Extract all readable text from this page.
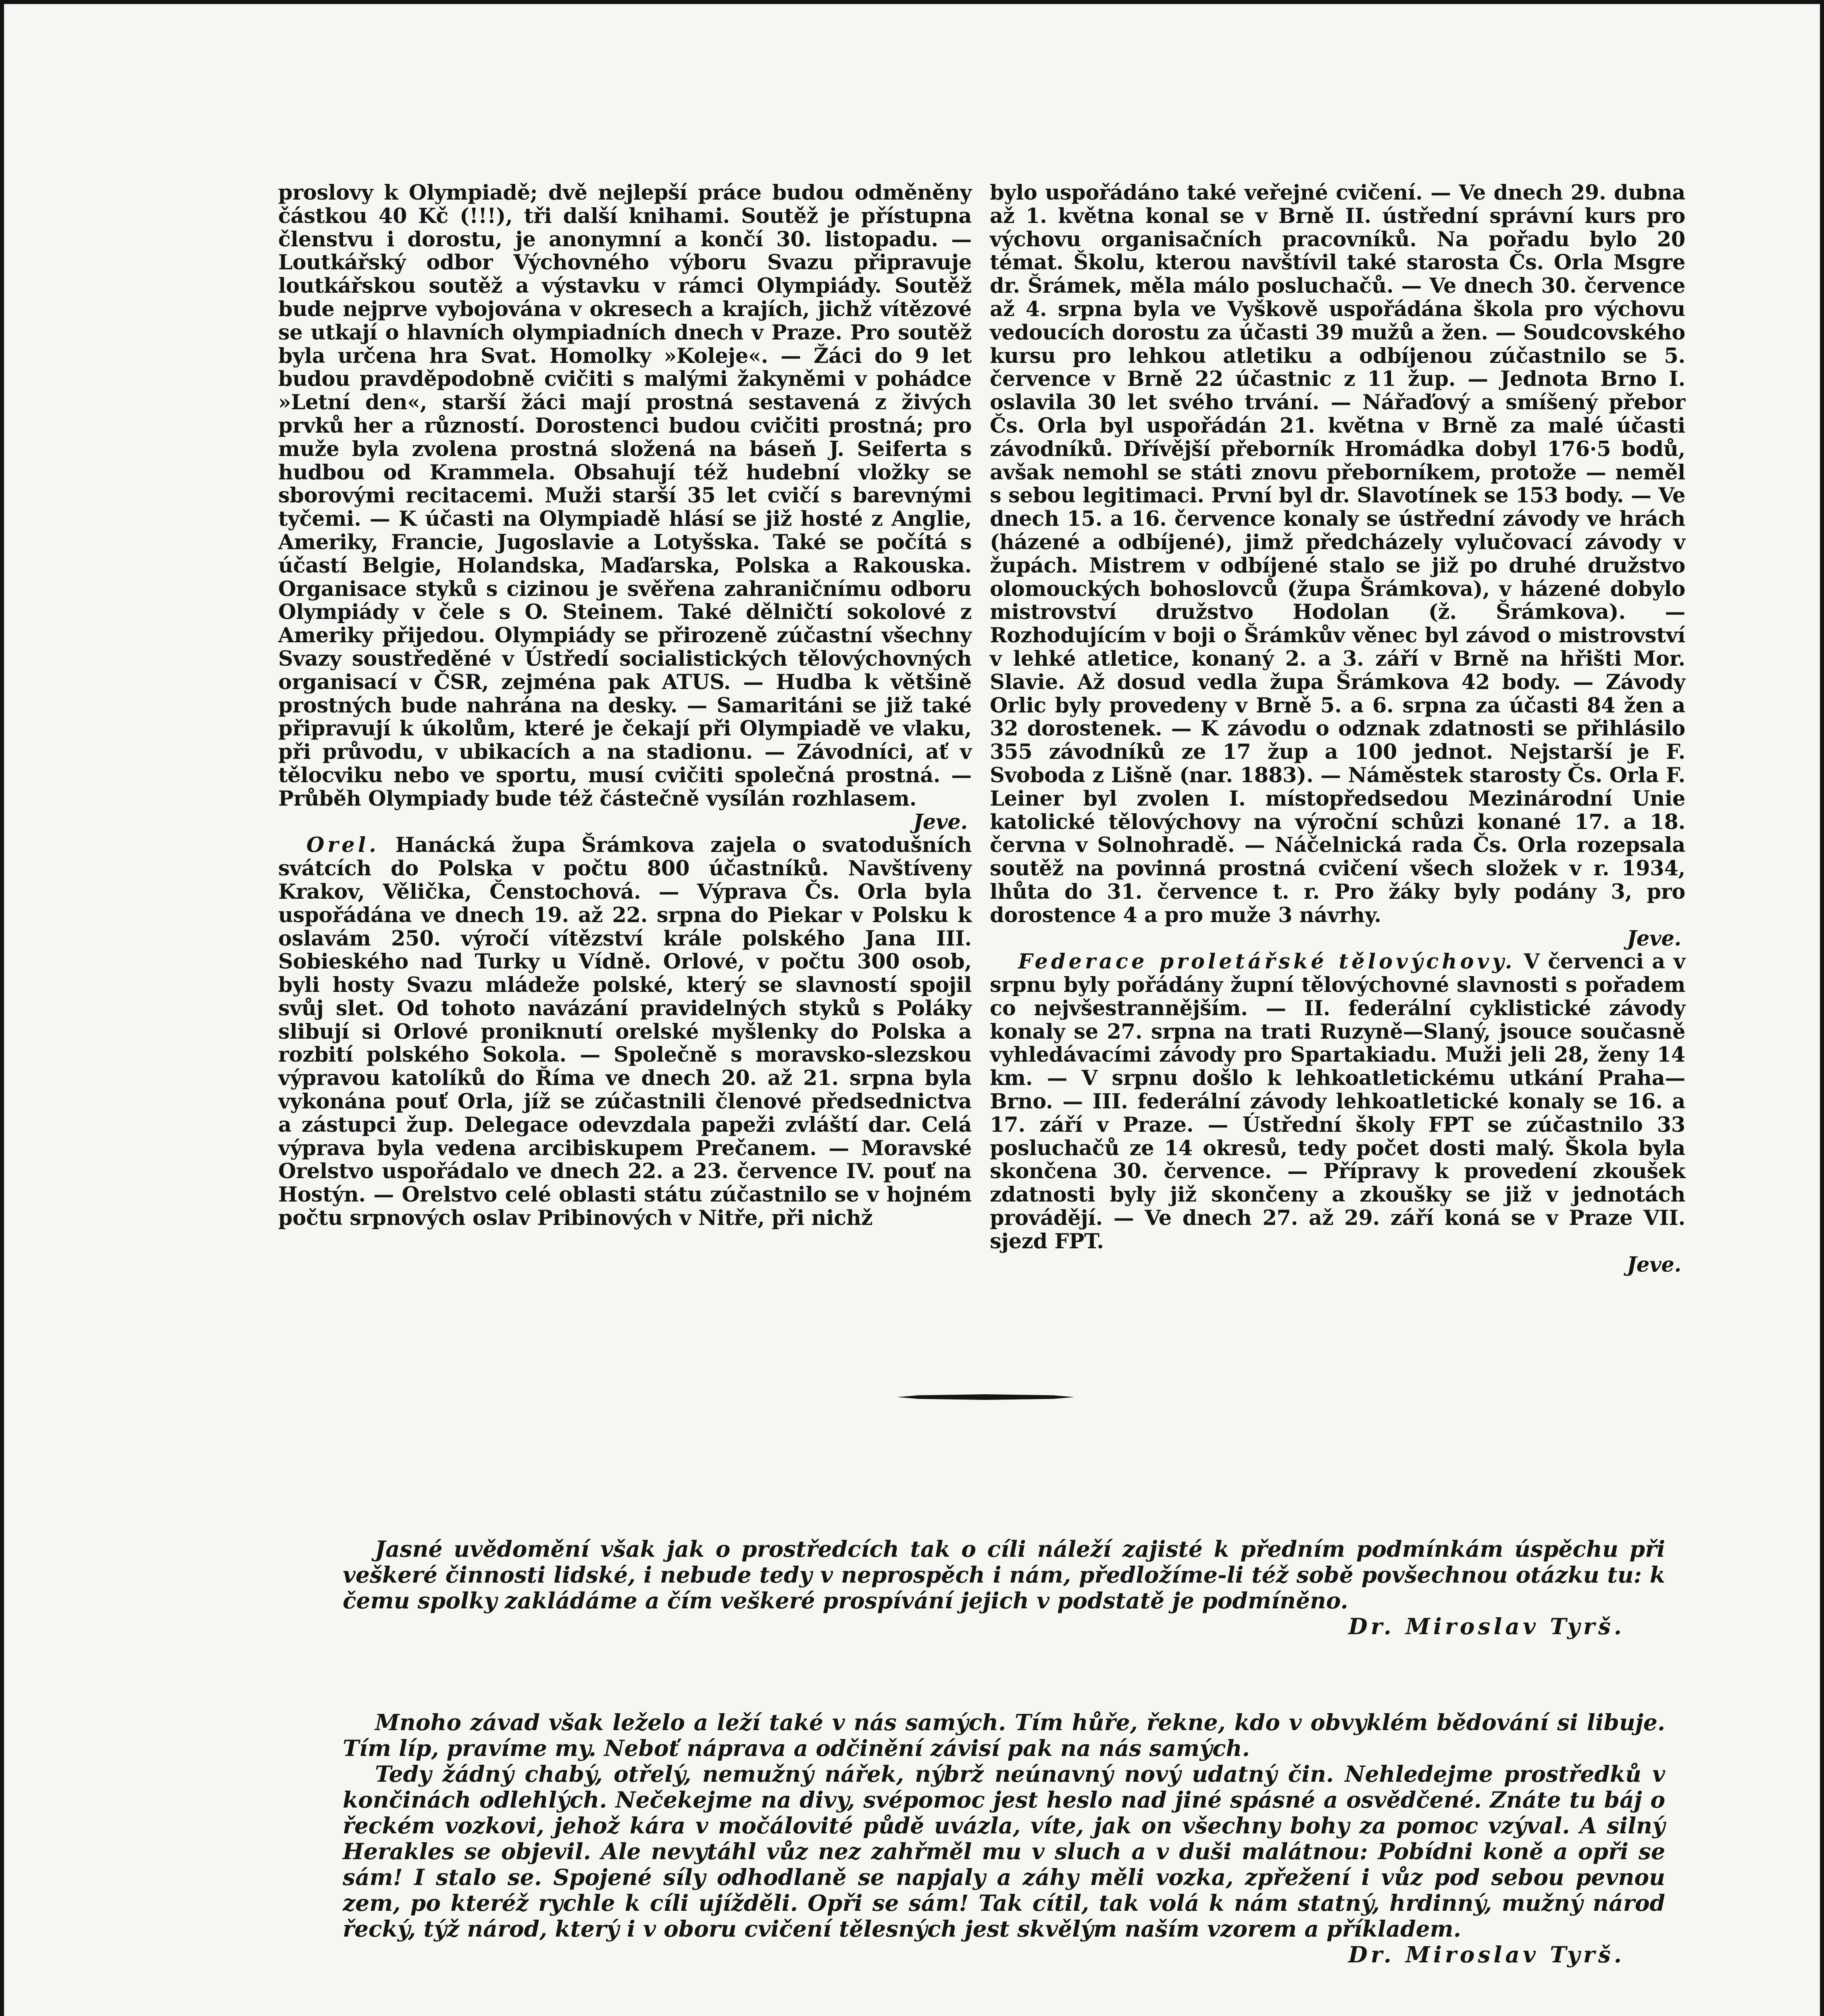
proslovy k Olympiadě; dvě nejlepší práce budou odměněny částkou 40 Kč (!!!), tři další knihami. Soutěž je přístupna členstvu i dorostu, je anonymní a končí 30. listopadu. — Loutkářský odbor Výchovného výboru Svazu připravuje loutkářskou soutěž a výstavku v rámci Olympiády. Soutěž bude nejprve vybojována v okresech a krajích, jichž vítězové se utkají o hlavních olympiadních dnech v Praze. Pro soutěž byla určena hra Svat. Homolky »Koleje«. — Žáci do 9 let budou pravděpodobně cvičiti s malými žakyněmi v pohádce »Letní den«, starší žáci mají prostná sestavená z živých prvků her a růzností. Dorostenci budou cvičiti prostná; pro muže byla zvolena prostná složená na báseň J. Seiferta s hudbou od Krammela. Obsahují též hudební vložky se sborovými recitacemi. Muži starší 35 let cvičí s barevnými tyčemi. — K účasti na Olympiadě hlásí se již hosté z Anglie, Ameriky, Francie, Jugoslavie a Lotyšska. Také se počítá s účastí Belgie, Holandska, Maďarska, Polska a Rakouska. Organisace styků s cizinou je svěřena zahraničnímu odboru Olympiády v čele s O. Steinem. Také dělničtí sokolové z Ameriky přijedou. Olympiády se přirozeně zúčastní všechny Svazy soustředěné v Ústředí socialistických tělovýchovných organisací v ČSR, zejména pak ATUS. — Hudba k většině prostných bude nahrána na desky. — Samaritáni se již také připravují k úkolům, které je čekají při Olympiadě ve vlaku, při průvodu, v ubikacích a na stadionu. — Závodníci, ať v tělocviku nebo ve sportu, musí cvičiti společná prostná. — Průběh Olympiady bude též částečně vysílán rozhlasem.

Jeve.

Orel. Hanácká župa Šrámkova zajela o svatodušních svátcích do Polska v počtu 800 účastníků. Navštíveny Krakov, Vělička, Čenstochová. — Výprava Čs. Orla byla uspořádána ve dnech 19. až 22. srpna do Piekar v Polsku k oslavám 250. výročí vítězství krále polského Jana III. Sobieského nad Turky u Vídně. Orlové, v počtu 300 osob, byli hosty Svazu mládeže polské, který se slavností spojil svůj slet. Od tohoto navázání pravidelných styků s Poláky slibují si Orlové proniknutí orelské myšlenky do Polska a rozbití polského Sokola. — Společně s moravsko-slezskou výpravou katolíků do Říma ve dnech 20. až 21. srpna byla vykonána pouť Orla, jíž se zúčastnili členové předsednictva a zástupci žup. Delegace odevzdala papeži zvláští dar. Celá výprava byla vedena arcibiskupem Prečanem. — Moravské Orelstvo uspořádalo ve dnech 22. a 23. července IV. pouť na Hostýn. — Orelstvo celé oblasti státu zúčastnilo se v hojném počtu srpnových oslav Pribinových v Nitře, při nichž

bylo uspořádáno také veřejné cvičení. — Ve dnech 29. dubna až 1. května konal se v Brně II. ústřední správní kurs pro výchovu organisačních pracovníků. Na pořadu bylo 20 témat. Školu, kterou navštívil také starosta Čs. Orla Msgre dr. Šrámek, měla málo posluchačů. — Ve dnech 30. července až 4. srpna byla ve Vyškově uspořádána škola pro výchovu vedoucích dorostu za účasti 39 mužů a žen. — Soudcovského kursu pro lehkou atletiku a odbíjenou zúčastnilo se 5. července v Brně 22 účastnic z 11 žup. — Jednota Brno I. oslavila 30 let svého trvání. — Nářaďový a smíšený přebor Čs. Orla byl uspořádán 21. května v Brně za malé účasti závodníků. Dřívější přeborník Hromádka dobyl 176·5 bodů, avšak nemohl se státi znovu přeborníkem, protože — neměl s sebou legitimaci. První byl dr. Slavotínek se 153 body. — Ve dnech 15. a 16. července konaly se ústřední závody ve hrách (házené a odbíjené), jimž předcházely vylučovací závody v župách. Mistrem v odbíjené stalo se již po druhé družstvo olomouckých bohoslovců (župa Šrámkova), v házené dobylo mistrovství družstvo Hodolan (ž. Šrámkova). — Rozhodujícím v boji o Šrámkův věnec byl závod o mistrovství v lehké atletice, konaný 2. a 3. září v Brně na hřišti Mor. Slavie. Až dosud vedla župa Šrámkova 42 body. — Závody Orlic byly provedeny v Brně 5. a 6. srpna za účasti 84 žen a 32 dorostenek. — K závodu o odznak zdatnosti se přihlásilo 355 závodníků ze 17 žup a 100 jednot. Nejstarší je F. Svoboda z Lišně (nar. 1883). — Náměstek starosty Čs. Orla F. Leiner byl zvolen I. místopředsedou Mezinárodní Unie katolické tělovýchovy na výroční schůzi konané 17. a 18. června v Solnohradě. — Náčelnická rada Čs. Orla rozepsala soutěž na povinná prostná cvičení všech složek v r. 1934, lhůta do 31. července t. r. Pro žáky byly podány 3, pro dorostence 4 a pro muže 3 návrhy.

Jeve.

Federace proletářské tělovýchovy. V červenci a v srpnu byly pořádány župní tělovýchovné slavnosti s pořadem co nejvšestrannějším. — II. federální cyklistické závody konaly se 27. srpna na trati Ruzyně—Slaný, jsouce současně vyhledávacími závody pro Spartakiadu. Muži jeli 28, ženy 14 km. — V srpnu došlo k lehkoatletickému utkání Praha—Brno. — III. federální závody lehkoatletické konaly se 16. a 17. září v Praze. — Ústřední školy FPT se zúčastnilo 33 posluchačů ze 14 okresů, tedy počet dosti malý. Škola byla skončena 30. července. — Přípravy k provedení zkoušek zdatnosti byly již skončeny a zkoušky se již v jednotách provádějí. — Ve dnech 27. až 29. září koná se v Praze VII. sjezd FPT.

Jeve.

Jasné uvědomění však jak o prostředcích tak o cíli náleží zajisté k předním podmínkám úspěchu při veškeré činnosti lidské, i nebude tedy v neprospěch i nám, předložíme-li též sobě povšechnou otázku tu: k čemu spolky zakládáme a čím veškeré prospívání jejich v podstatě je podmíněno.

Dr. Miroslav Tyrš.

Mnoho závad však leželo a leží také v nás samých. Tím hůře, řekne, kdo v obvyklém bědování si libuje. Tím líp, pravíme my. Neboť náprava a odčinění závisí pak na nás samých.

Tedy žádný chabý, otřelý, nemužný nářek, nýbrž neúnavný nový udatný čin. Nehledejme prostředků v končinách odlehlých. Nečekejme na divy, svépomoc jest heslo nad jiné spásné a osvědčené. Znáte tu báj o řeckém vozkovi, jehož kára v močálovité půdě uvázla, víte, jak on všechny bohy za pomoc vzýval. A silný Herakles se objevil. Ale nevytáhl vůz nez zahřměl mu v sluch a v duši malátnou: Pobídni koně a opři se sám! I stalo se. Spojené síly odhodlaně se napjaly a záhy měli vozka, zpřežení i vůz pod sebou pevnou zem, po kteréž rychle k cíli ujížděli. Opři se sám! Tak cítil, tak volá k nám statný, hrdinný, mužný národ řecký, týž národ, který i v oboru cvičení tělesných jest skvělým naším vzorem a příkladem.

Dr. Miroslav Tyrš.
